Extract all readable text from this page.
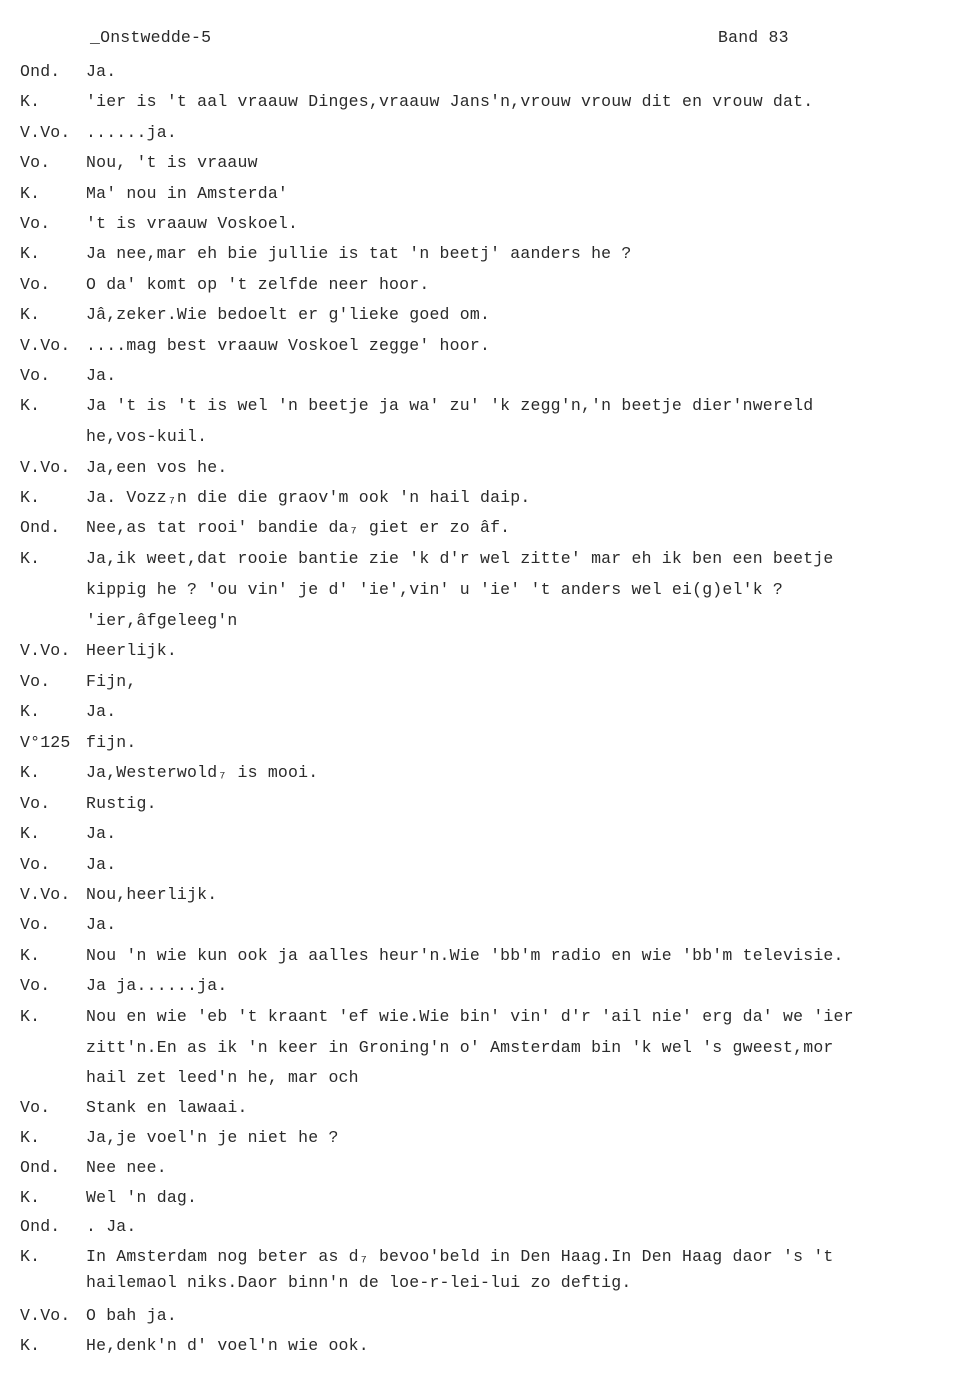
_Onstwedde-5	Band 83
Ond. Ja.
K.	'ier is 't aal vraauw Dinges,vraauw Jans'n,vrouw vrouw dit en vrouw dat.
V.Vo. ......ja.
Vo. Nou, 't is vraauw
K.	Ma' nou in Amsterda'
Vo. 't is vraauw Voskoel.
K.	Ja nee,mar eh bie jullie is tat 'n beetj' aanders he ?
Vo. O da' komt op 't zelfde neer hoor.
K.	Jâ,zeker.Wie bedoelt er g'lieke goed om.
V.Vo. ....mag best vraauw Voskoel zegge' hoor.
Vo. Ja.
K.	Ja 't is 't is wel 'n beetje ja wa' zu' 'k zegg'n,'n beetje dier'nwereld
he,vos-kuil.
V.Vo. Ja,een vos he.
K.	Ja. Vozz₇n die die graov'm ook 'n hail daip.
Ond. Nee,as tat rooi' bandie da₇ giet er zo âf.
K.	Ja,ik weet,dat rooie bantie zie 'k d'r wel zitte' mar eh ik ben een beetje
kippig he ? 'ou vin' je d' 'ie',vin' u 'ie' 't anders wel ei(g)el'k ?
'ier,âfgeleeg'n
V.Vo. Heerlijk.
Vo. Fijn,
K.	Ja.
V°125 fijn.
K.	Ja,Westerwold₇ is mooi.
Vo. Rustig.
K.	Ja.
Vo. Ja.
V.Vo. Nou,heerlijk.
Vo. Ja.
K.	Nou 'n wie kun ook ja aalles heur'n.Wie 'bb'm radio en wie 'bb'm televisie.
Vo. Ja ja......ja.
K.	Nou en wie 'eb 't kraant 'ef wie.Wie bin' vin' d'r 'ail nie' erg da' we 'ier
zitt'n.En as ik 'n keer in Groning'n o' Amsterdam bin 'k wel 's gweest,mor
hail zet leed'n he, mar och
Vo. Stank en lawaai.
K.	Ja,je voel'n je niet he ?
Ond. Nee nee.
K.	Wel 'n dag.
Ond. . Ja.
K.	In Amsterdam nog beter as d₇ bevoo'beld in Den Haag.In Den Haag daor 's 't
hailemaol niks.Daor binn'n de loe-r-lei-lui zo deftig.
V.Vo. O bah ja.
K.	He,denk'n d' voel'n wie ook.
